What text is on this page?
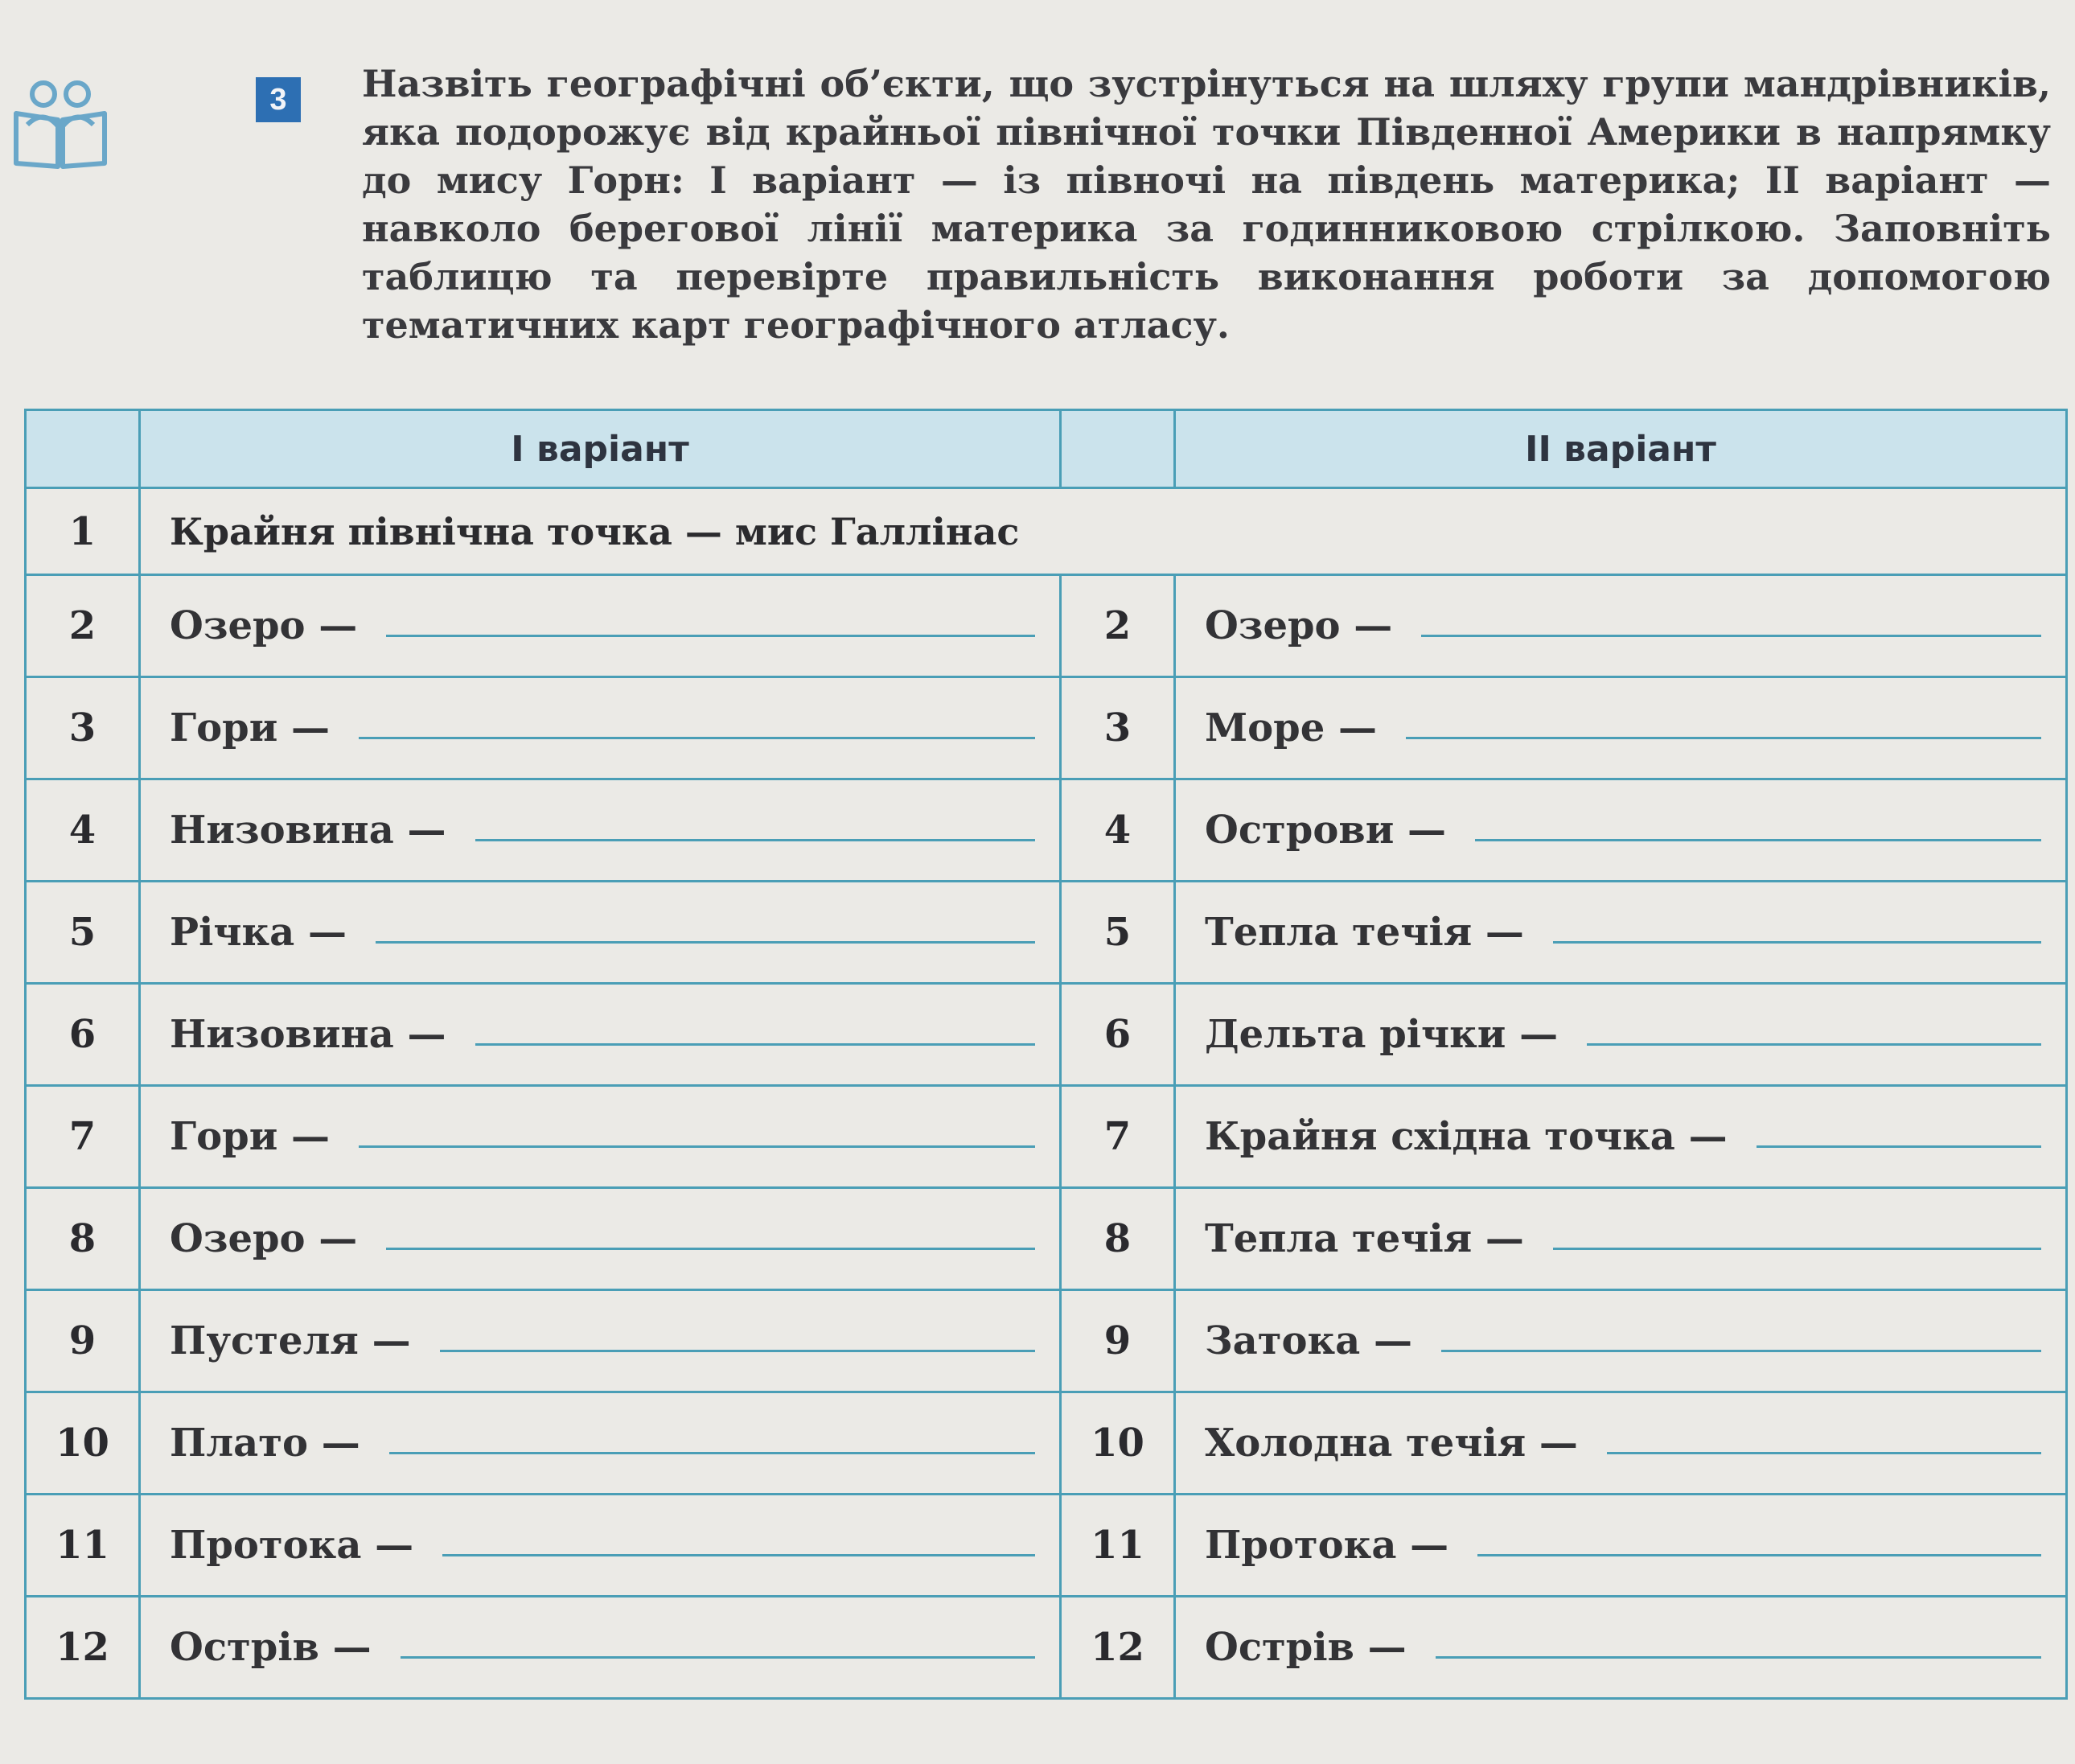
3	Назвіть географічні об’єкти, що зустрінуться на шляху групи мандрівників, яка подорожує від крайньої північної точки Південної Америки в напрямку до мису Горн: І варіант — із півночі на південь материка; ІІ варіант — навколо берегової лінії материка за годинниковою стрілкою. Заповніть таблицю та перевірте правильність виконання роботи за допомогою тематичних карт географічного атласу.

	І варіант		ІІ варіант
1	Крайня північна точка — мис Галлінас		

2	Озеро —	2	Озеро —

3	Гори —	3	Море —

4	Низовина —	4	Острови —

5	Річка —	5	Тепла течія —

6	Низовина —	6	Дельта річки —

7	Гори —	7	Крайня східна точка —

8	Озеро —	8	Тепла течія —

9	Пустеля —	9	Затока —

10	Плато —	10	Холодна течія —

11	Протока —	11	Протока —

12	Острів —	12	Острів —
